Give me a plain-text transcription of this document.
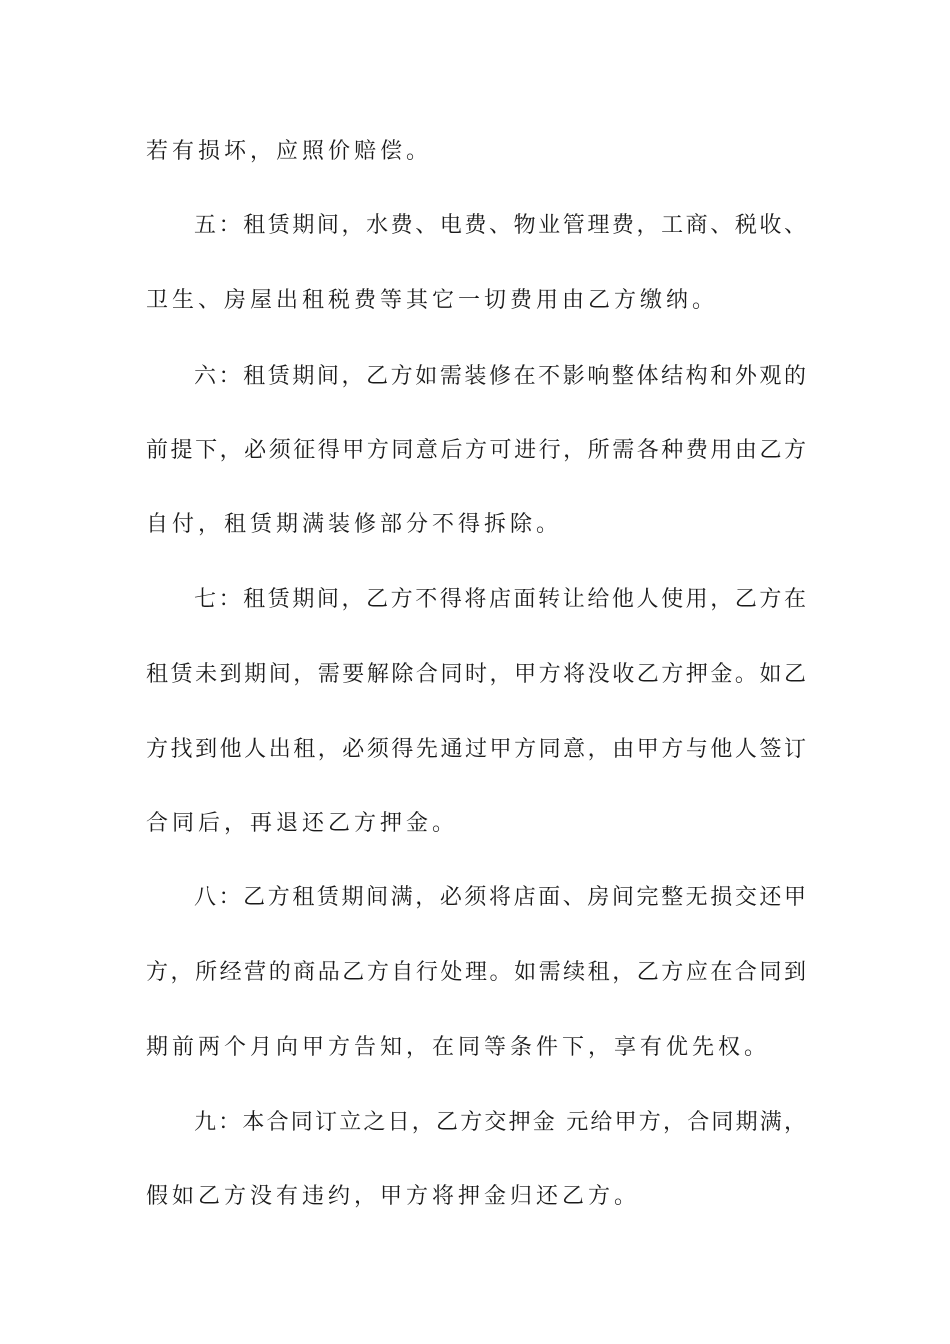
若有损坏，应照价赔偿。
五：租赁期间，水费、电费、物业管理费，工商、税收、
卫生、房屋出租税费等其它一切费用由乙方缴纳。
六：租赁期间，乙方如需装修在不影响整体结构和外观的
前提下，必须征得甲方同意后方可进行，所需各种费用由乙方
自付，租赁期满装修部分不得拆除。
七：租赁期间，乙方不得将店面转让给他人使用，乙方在
租赁未到期间，需要解除合同时，甲方将没收乙方押金。如乙
方找到他人出租，必须得先通过甲方同意，由甲方与他人签订
合同后，再退还乙方押金。
八：乙方租赁期间满，必须将店面、房间完整无损交还甲
方，所经营的商品乙方自行处理。如需续租，乙方应在合同到
期前两个月向甲方告知，在同等条件下，享有优先权。
九：本合同订立之日，乙方交押金 元给甲方，合同期满，
假如乙方没有违约，甲方将押金归还乙方。
